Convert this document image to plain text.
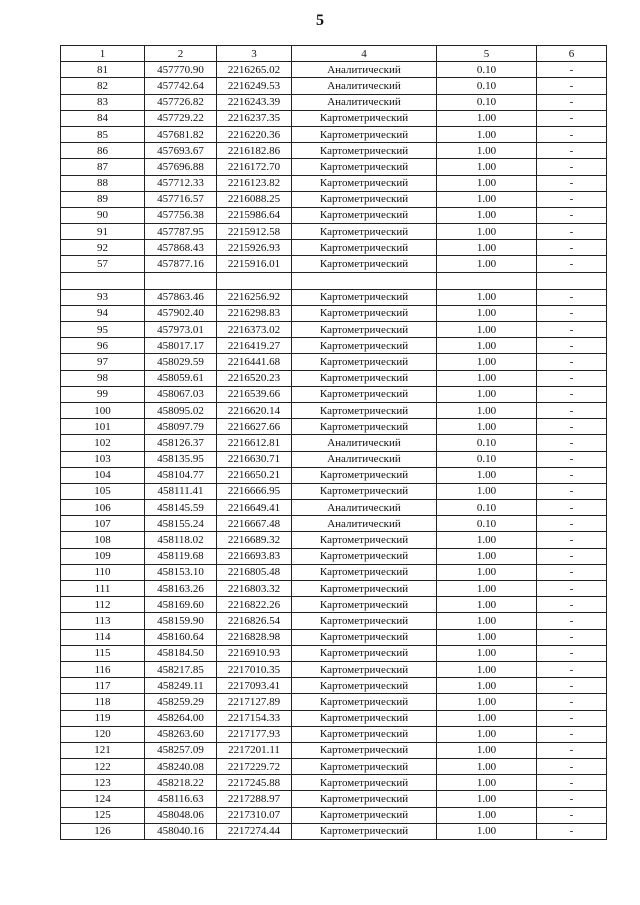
5
1	2	3	4	5	6
81	457770.90	2216265.02	Аналитический	0.10	-
82	457742.64	2216249.53	Аналитический	0.10	-
83	457726.82	2216243.39	Аналитический	0.10	-
84	457729.22	2216237.35	Картометрический	1.00	-
85	457681.82	2216220.36	Картометрический	1.00	-
86	457693.67	2216182.86	Картометрический	1.00	-
87	457696.88	2216172.70	Картометрический	1.00	-
88	457712.33	2216123.82	Картометрический	1.00	-
89	457716.57	2216088.25	Картометрический	1.00	-
90	457756.38	2215986.64	Картометрический	1.00	-
91	457787.95	2215912.58	Картометрический	1.00	-
92	457868.43	2215926.93	Картометрический	1.00	-
57	457877.16	2215916.01	Картометрический	1.00	-

93	457863.46	2216256.92	Картометрический	1.00	-
94	457902.40	2216298.83	Картометрический	1.00	-
95	457973.01	2216373.02	Картометрический	1.00	-
96	458017.17	2216419.27	Картометрический	1.00	-
97	458029.59	2216441.68	Картометрический	1.00	-
98	458059.61	2216520.23	Картометрический	1.00	-
99	458067.03	2216539.66	Картометрический	1.00	-
100	458095.02	2216620.14	Картометрический	1.00	-
101	458097.79	2216627.66	Картометрический	1.00	-
102	458126.37	2216612.81	Аналитический	0.10	-
103	458135.95	2216630.71	Аналитический	0.10	-
104	458104.77	2216650.21	Картометрический	1.00	-
105	458111.41	2216666.95	Картометрический	1.00	-
106	458145.59	2216649.41	Аналитический	0.10	-
107	458155.24	2216667.48	Аналитический	0.10	-
108	458118.02	2216689.32	Картометрический	1.00	-
109	458119.68	2216693.83	Картометрический	1.00	-
110	458153.10	2216805.48	Картометрический	1.00	-
111	458163.26	2216803.32	Картометрический	1.00	-
112	458169.60	2216822.26	Картометрический	1.00	-
113	458159.90	2216826.54	Картометрический	1.00	-
114	458160.64	2216828.98	Картометрический	1.00	-
115	458184.50	2216910.93	Картометрический	1.00	-
116	458217.85	2217010.35	Картометрический	1.00	-
117	458249.11	2217093.41	Картометрический	1.00	-
118	458259.29	2217127.89	Картометрический	1.00	-
119	458264.00	2217154.33	Картометрический	1.00	-
120	458263.60	2217177.93	Картометрический	1.00	-
121	458257.09	2217201.11	Картометрический	1.00	-
122	458240.08	2217229.72	Картометрический	1.00	-
123	458218.22	2217245.88	Картометрический	1.00	-
124	458116.63	2217288.97	Картометрический	1.00	-
125	458048.06	2217310.07	Картометрический	1.00	-
126	458040.16	2217274.44	Картометрический	1.00	-
